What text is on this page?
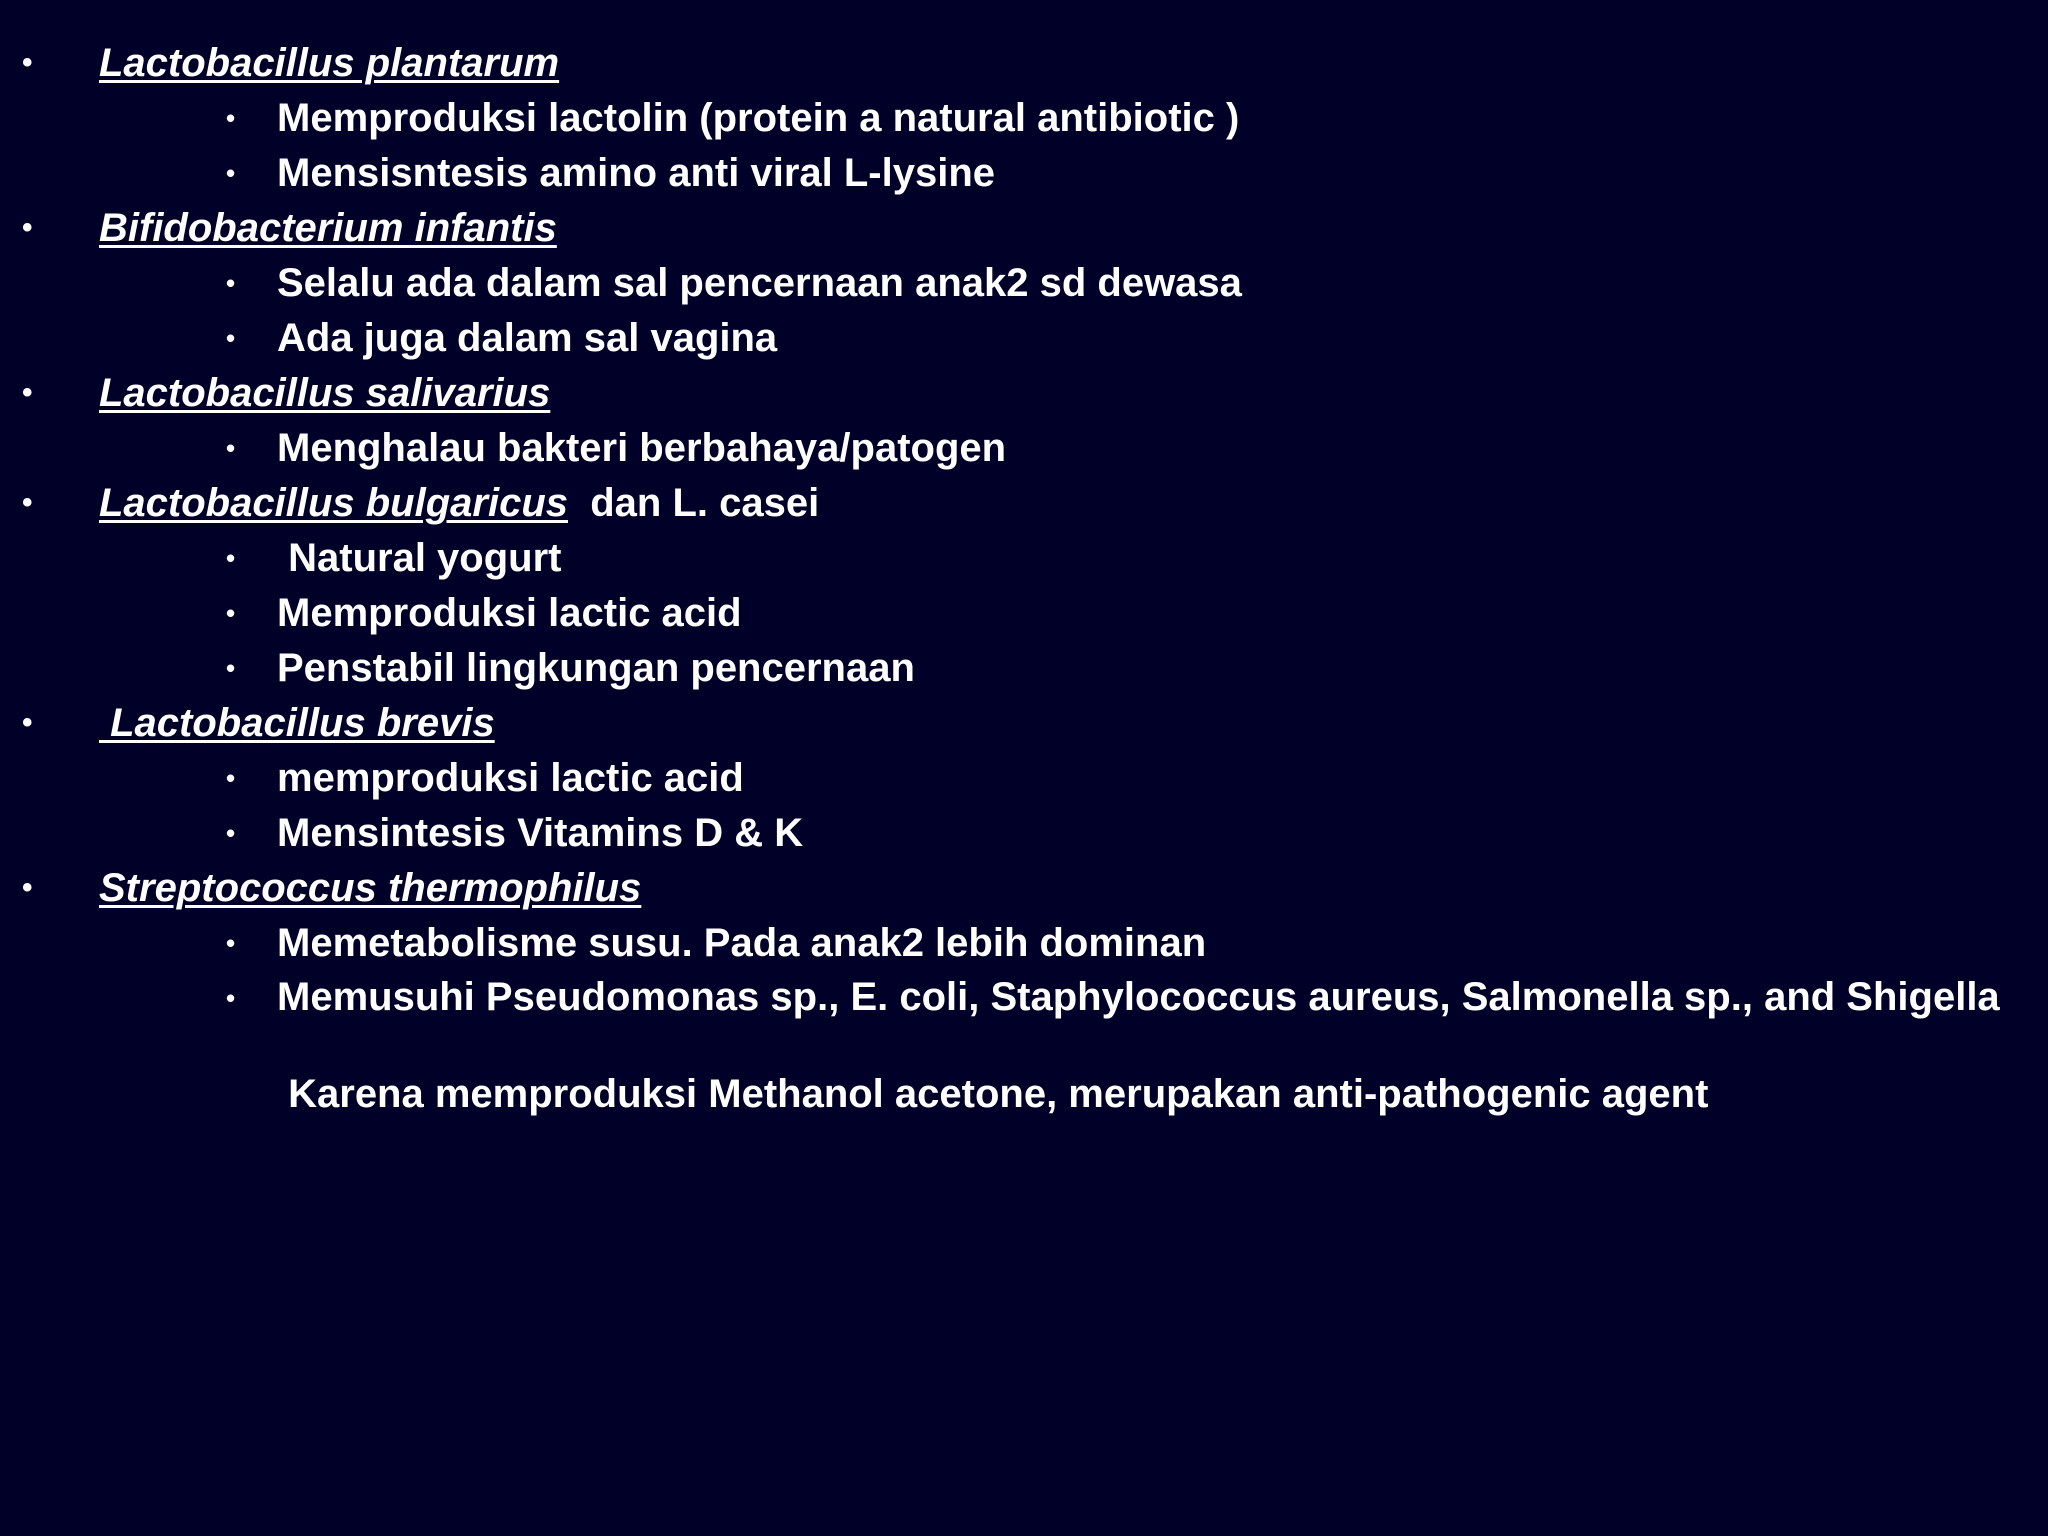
• Lactobacillus plantarum
• Memproduksi lactolin (protein a natural antibiotic )
• Mensisntesis amino anti viral L-lysine
• Bifidobacterium infantis
• Selalu ada dalam sal pencernaan anak2 sd dewasa
• Ada juga dalam sal vagina
• Lactobacillus salivarius
• Menghalau bakteri berbahaya/patogen
• Lactobacillus bulgaricus  dan L. casei
• Natural yogurt
• Memproduksi lactic acid
• Penstabil lingkungan pencernaan
• Lactobacillus brevis
• memproduksi lactic acid
• Mensintesis Vitamins D & K
• Streptococcus thermophilus
• Memetabolisme susu. Pada anak2 lebih dominan
• Memusuhi Pseudomonas sp., E. coli, Staphylococcus aureus, Salmonella sp., and Shigella
Karena memproduksi Methanol acetone, merupakan anti-pathogenic agent
